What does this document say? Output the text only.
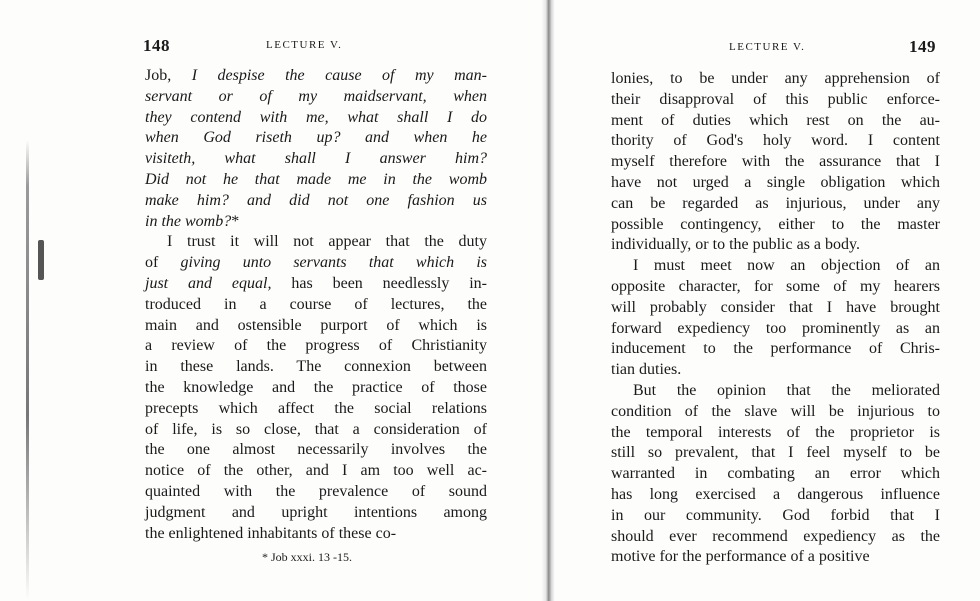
148	LECTURE V.
Job, I despise the cause of my man-
servant or of my maidservant, when
they contend with me, what shall I do
when God riseth up? and when he
visiteth, what shall I answer him?
Did not he that made me in the womb
make him? and did not one fashion us
in the womb?*
I trust it will not appear that the duty
of giving unto servants that which is
just and equal, has been needlessly in-
troduced in a course of lectures, the
main and ostensible purport of which is
a review of the progress of Christianity
in these lands. The connexion between
the knowledge and the practice of those
precepts which affect the social relations
of life, is so close, that a consideration of
the one almost necessarily involves the
notice of the other, and I am too well ac-
quainted with the prevalence of sound
judgment and upright intentions among
the enlightened inhabitants of these co-
* Job xxxi. 13 -15.
LECTURE V.	149
lonies, to be under any apprehension of
their disapproval of this public enforce-
ment of duties which rest on the au-
thority of God's holy word. I content
myself therefore with the assurance that I
have not urged a single obligation which
can be regarded as injurious, under any
possible contingency, either to the master
individually, or to the public as a body.
I must meet now an objection of an
opposite character, for some of my hearers
will probably consider that I have brought
forward expediency too prominently as an
inducement to the performance of Chris-
tian duties.
But the opinion that the meliorated
condition of the slave will be injurious to
the temporal interests of the proprietor is
still so prevalent, that I feel myself to be
warranted in combating an error which
has long exercised a dangerous influence
in our community. God forbid that I
should ever recommend expediency as the
motive for the performance of a positive
